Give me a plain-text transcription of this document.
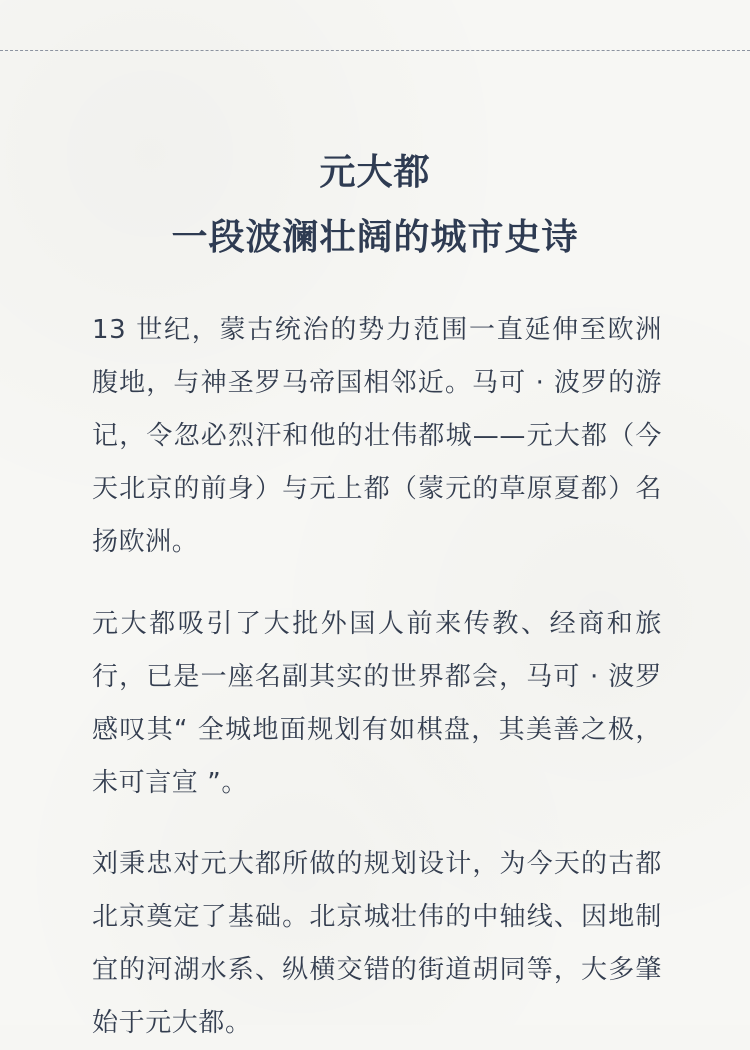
元大都
一段波澜壮阔的城市史诗

13 世纪，蒙古统治的势力范围一直延伸至欧洲腹地，与神圣罗马帝国相邻近。马可 · 波罗的游记，令忽必烈汗和他的壮伟都城——元大都（今天北京的前身）与元上都（蒙元的草原夏都）名扬欧洲。

元大都吸引了大批外国人前来传教、经商和旅行，已是一座名副其实的世界都会，马可 · 波罗感叹其“ 全城地面规划有如棋盘，其美善之极，未可言宣 ”。

刘秉忠对元大都所做的规划设计，为今天的古都北京奠定了基础。北京城壮伟的中轴线、因地制宜的河湖水系、纵横交错的街道胡同等，大多肇始于元大都。
